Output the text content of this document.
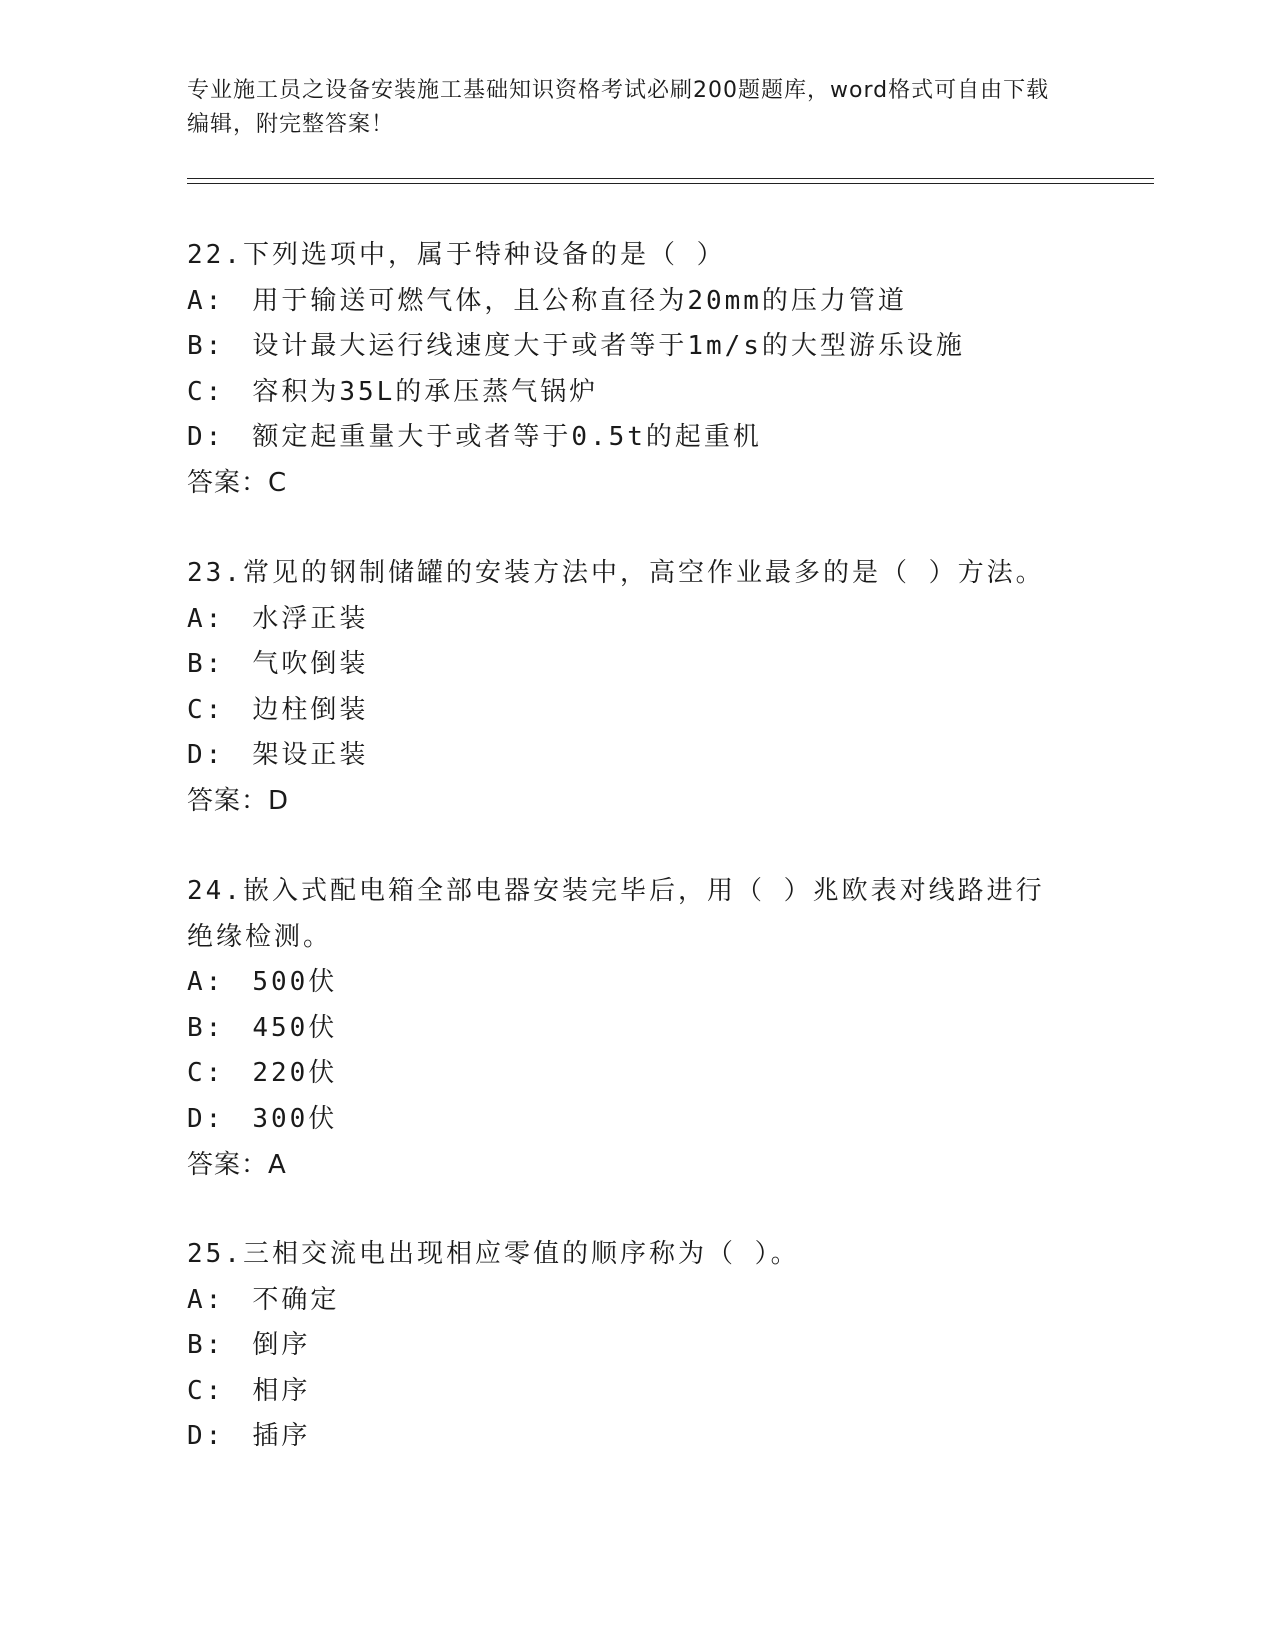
专业施工员之设备安装施工基础知识资格考试必刷200题题库，word格式可自由下载编辑，附完整答案！
22.下列选项中，属于特种设备的是（ ）
A: 用于输送可燃气体，且公称直径为20mm的压力管道
B: 设计最大运行线速度大于或者等于1m/s的大型游乐设施
C: 容积为35L的承压蒸气锅炉
D: 额定起重量大于或者等于0.5t的起重机
答案：C
23.常见的钢制储罐的安装方法中，高空作业最多的是（ ）方法。
A: 水浮正装
B: 气吹倒装
C: 边柱倒装
D: 架设正装
答案：D
24.嵌入式配电箱全部电器安装完毕后，用（ ）兆欧表对线路进行绝缘检测。
A: 500伏
B: 450伏
C: 220伏
D: 300伏
答案：A
25.三相交流电出现相应零值的顺序称为（ ）。
A: 不确定
B: 倒序
C: 相序
D: 插序
